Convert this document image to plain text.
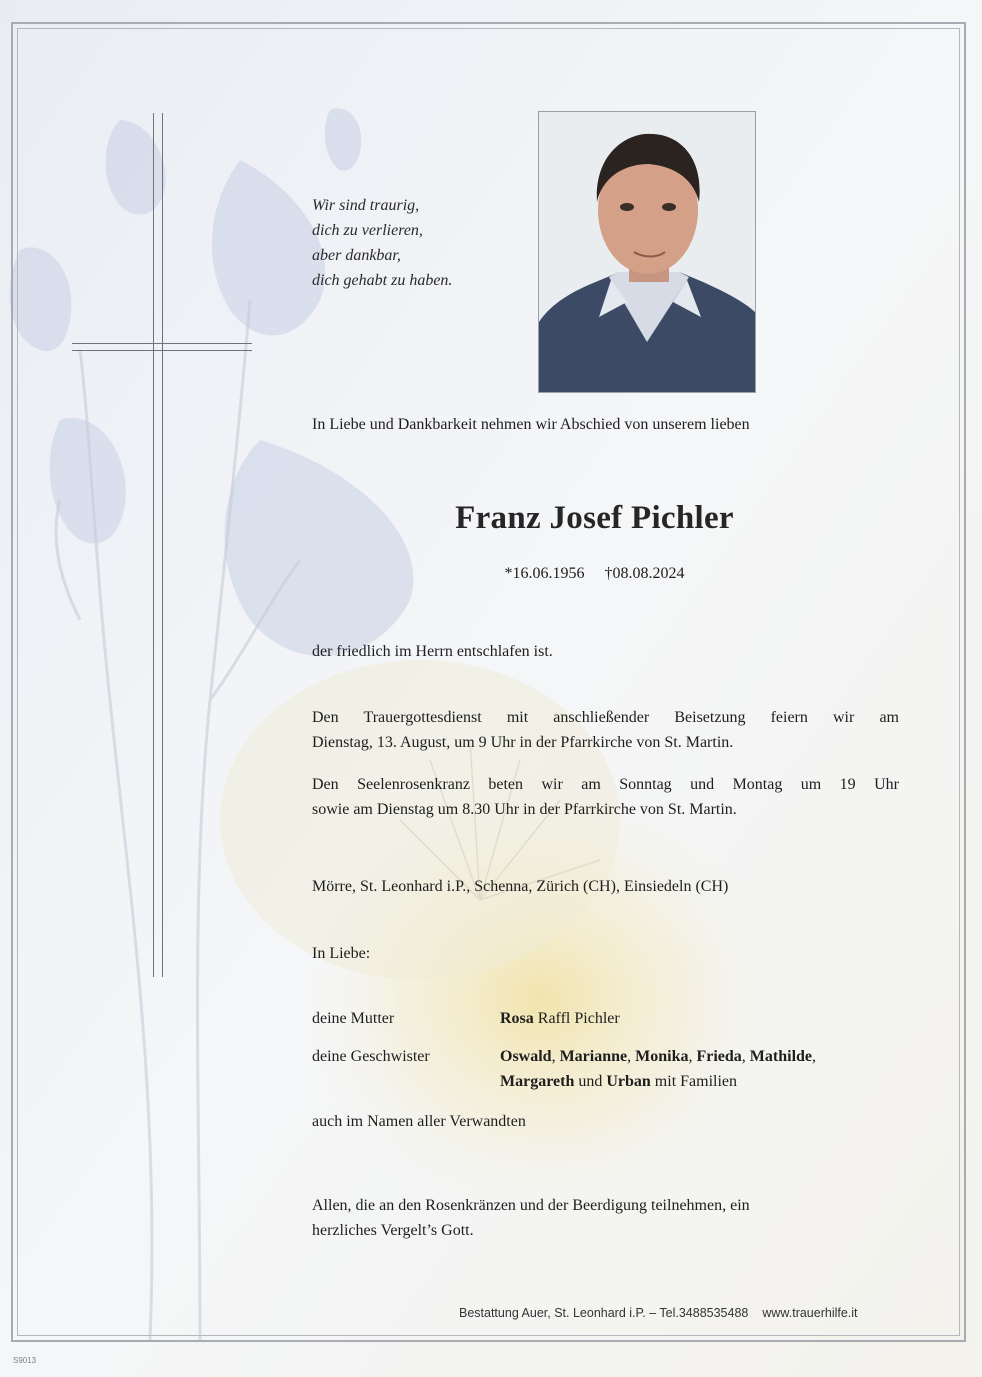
Wir sind traurig,
dich zu verlieren,
aber dankbar,
dich gehabt zu haben.
In Liebe und Dankbarkeit nehmen wir Abschied von unserem lieben
Franz Josef Pichler
*16.06.1956 †08.08.2024
der friedlich im Herrn entschlafen ist.
Den Trauergottesdienst mit anschließender Beisetzung feiern wir am
Dienstag, 13. August, um 9 Uhr in der Pfarrkirche von St. Martin.
Den Seelenrosenkranz beten wir am Sonntag und Montag um 19 Uhr
sowie am Dienstag um 8.30 Uhr in der Pfarrkirche von St. Martin.
Mörre, St. Leonhard i.P., Schenna, Zürich (CH), Einsiedeln (CH)
In Liebe:
deine Mutter	Rosa Raffl Pichler
deine Geschwister	Oswald, Marianne, Monika, Frieda, Mathilde,
Margareth und Urban mit Familien
auch im Namen aller Verwandten
Allen, die an den Rosenkränzen und der Beerdigung teilnehmen, ein
herzliches Vergelt’s Gott.
Bestattung Auer, St. Leonhard i.P. – Tel.3488535488 www.trauerhilfe.it
S9013
